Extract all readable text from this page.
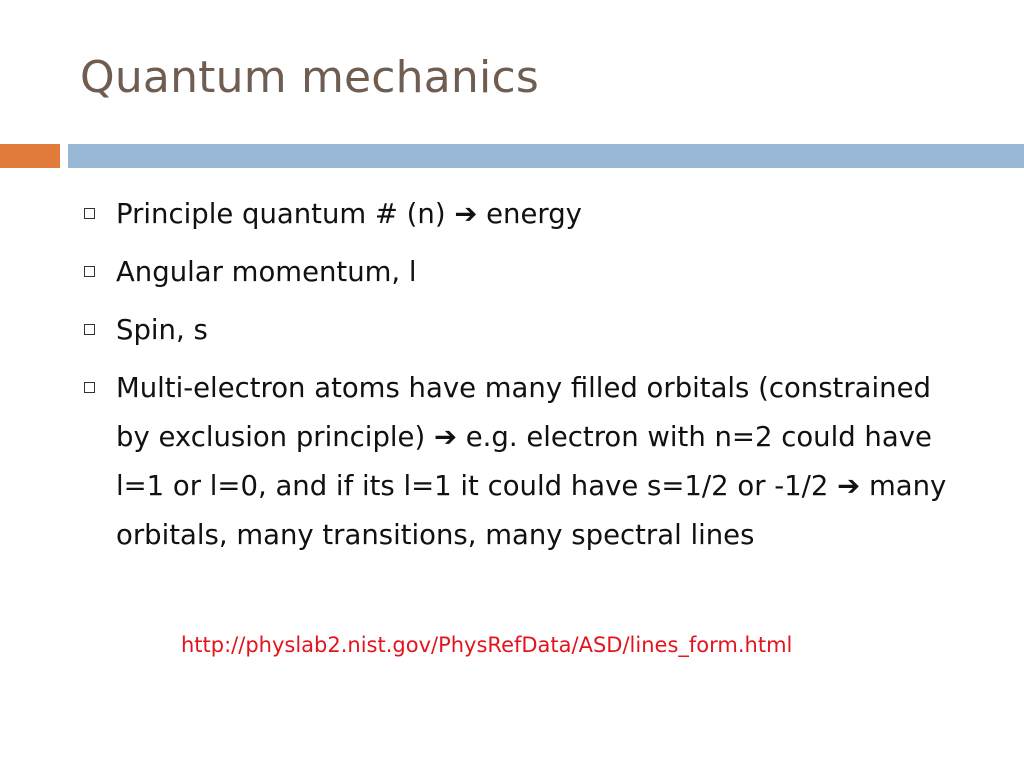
Quantum mechanics
Principle quantum # (n) ➔ energy
Angular momentum, l
Spin, s
Multi-electron atoms have many filled orbitals (constrained by exclusion principle) ➔ e.g. electron with n=2 could have l=1 or l=0, and if its l=1 it could have s=1/2 or -1/2 ➔ many orbitals, many transitions, many spectral lines
http://physlab2.nist.gov/PhysRefData/ASD/lines_form.html
